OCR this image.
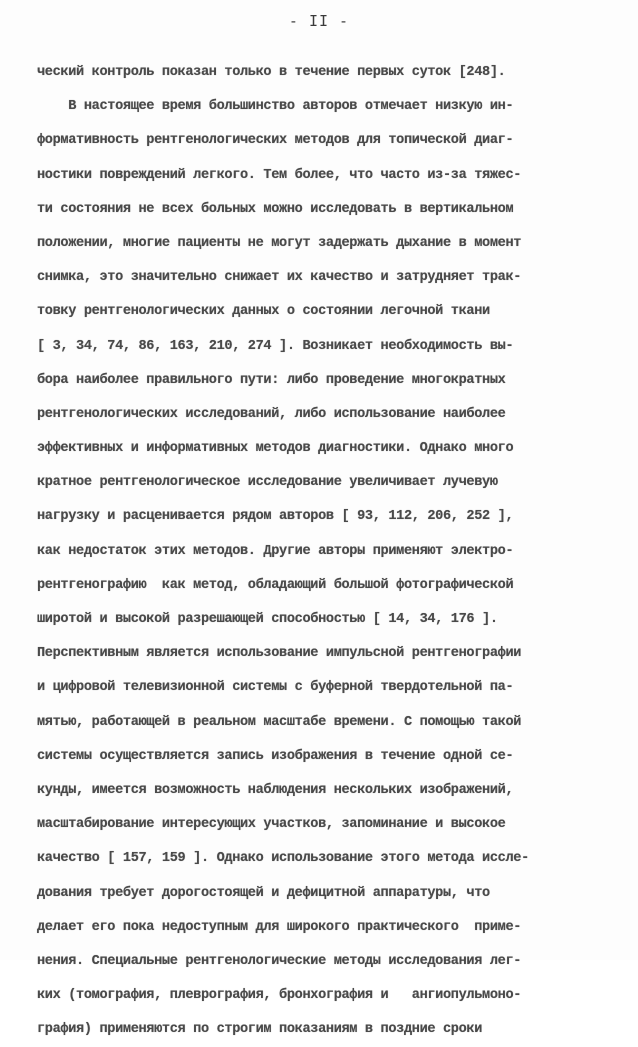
- II -
ческий контроль показан только в течение первых суток [248].
В настоящее время большинство авторов отмечает низкую ин-
формативность рентгенологических методов для топической диаг-
ностики повреждений легкого. Тем более, что часто из-за тяжес-
ти состояния не всех больных можно исследовать в вертикальном
положении, многие пациенты не могут задержать дыхание в момент
снимка, это значительно снижает их качество и затрудняет трак-
товку рентгенологических данных о состоянии легочной ткани
[ 3, 34, 74, 86, 163, 210, 274 ]. Возникает необходимость вы-
бора наиболее правильного пути: либо проведение многократных
рентгенологических исследований, либо использование наиболее
эффективных и информативных методов диагностики. Однако много
кратное рентгенологическое исследование увеличивает лучевую
нагрузку и расценивается рядом авторов [ 93, 112, 206, 252 ],
как недостаток этих методов. Другие авторы применяют электро-
рентгенографию  как метод, обладающий большой фотографической
широтой и высокой разрешающей способностью [ 14, 34, 176 ].
Перспективным является использование импульсной рентгенографии
и цифровой телевизионной системы с буферной твердотельной па-
мятью, работающей в реальном масштабе времени. С помощью такой
системы осуществляется запись изображения в течение одной се-
кунды, имеется возможность наблюдения нескольких изображений,
масштабирование интересующих участков, запоминание и высокое
качество [ 157, 159 ]. Однако использование этого метода иссле-
дования требует дорогостоящей и дефицитной аппаратуры, что
делает его пока недоступным для широкого практического  приме-
нения. Специальные рентгенологические методы исследования лег-
ких (томография, плеврография, бронхография и   ангиопульмоно-
графия) применяются по строгим показаниям в поздние сроки
